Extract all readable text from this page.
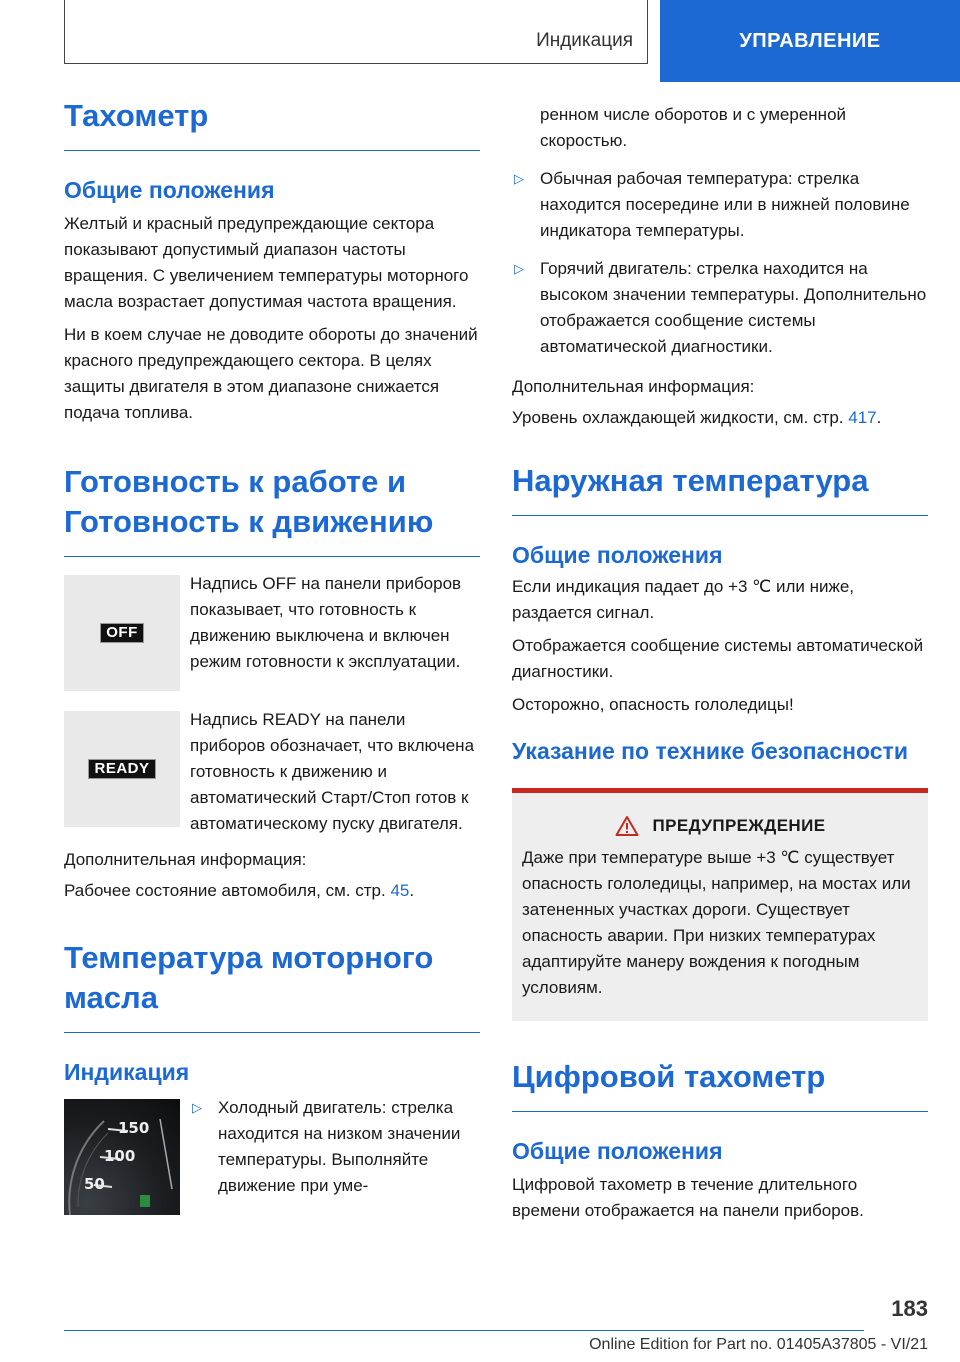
Индикация	УПРАВЛЕНИЕ
Тахометр
Общие положения

Желтый и красный предупреждающие сектора показывают допустимый диапазон частоты вращения. С увеличением температуры моторного масла возрастает допустимая частота вращения.

Ни в коем случае не доводите обороты до значений красного предупреждающего сектора. В целях защиты двигателя в этом диапазоне снижается подача топлива.

Готовность к работе и Готовность к движению
OFF

Надпись OFF на панели приборов показывает, что готовность к движению выключена и включен режим готовности к эксплуатации.

READY

Надпись READY на панели приборов обозначает, что включена готовность к движению и автоматический Старт/Стоп готов к автоматическому пуску двигателя.

Дополнительная информация:

Рабочее состояние автомобиля, см. стр. 45.

Температура моторного масла
Индикация
150
100
50
▷ Холодный двигатель: стрелка находится на низком значении температуры. Выполняйте движение при уме-

ренном числе оборотов и с умеренной скоростью.

▷ Обычная рабочая температура: стрелка находится посередине или в нижней половине индикатора температуры.
▷ Горячий двигатель: стрелка находится на высоком значении температуры. Дополнительно отображается сообщение системы автоматической диагностики.

Дополнительная информация:

Уровень охлаждающей жидкости, см. стр. 417.

Наружная температура
Общие положения

Если индикация падает до +3 ℃ или ниже, раздается сигнал.

Отображается сообщение системы автоматической диагностики.

Осторожно, опасность гололедицы!

Указание по технике безопасности
ПРЕДУПРЕЖДЕНИЕ

Даже при температуре выше +3 ℃ существует опасность гололедицы, например, на мостах или затененных участках дороги. Существует опасность аварии. При низких температурах адаптируйте манеру вождения к погодным условиям.

Цифровой тахометр
Общие положения

Цифровой тахометр в течение длительного времени отображается на панели приборов.

183
Online Edition for Part no. 01405A37805 - VI/21
